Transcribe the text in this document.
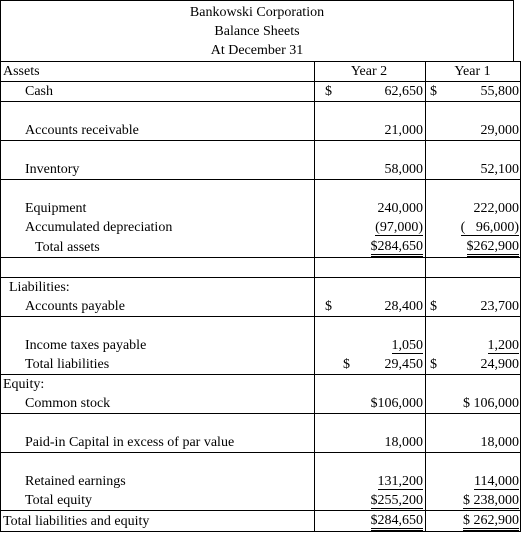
Bankowski Corporation
Balance Sheets
At December 31
Assets	Year 2	Year 1
Cash	$ 62,650	$ 55,800

Accounts receivable	21,000	29,000

Inventory	58,000	52,100

Equipment	240,000	222,000
Accumulated depreciation	(97,000)	( 96,000)
Total assets	$284,650	$262,900

Liabilities:		
Accounts payable	$ 28,400	$ 23,700

Income taxes payable	1,050	1,200
Total liabilities	$ 29,450	$ 24,900
Equity:		
Common stock	$106,000	$ 106,000

Paid-in Capital in excess of par value	18,000	18,000

Retained earnings	131,200	114,000
Total equity	$255,200	$ 238,000
Total liabilities and equity	$284,650	$ 262,900
